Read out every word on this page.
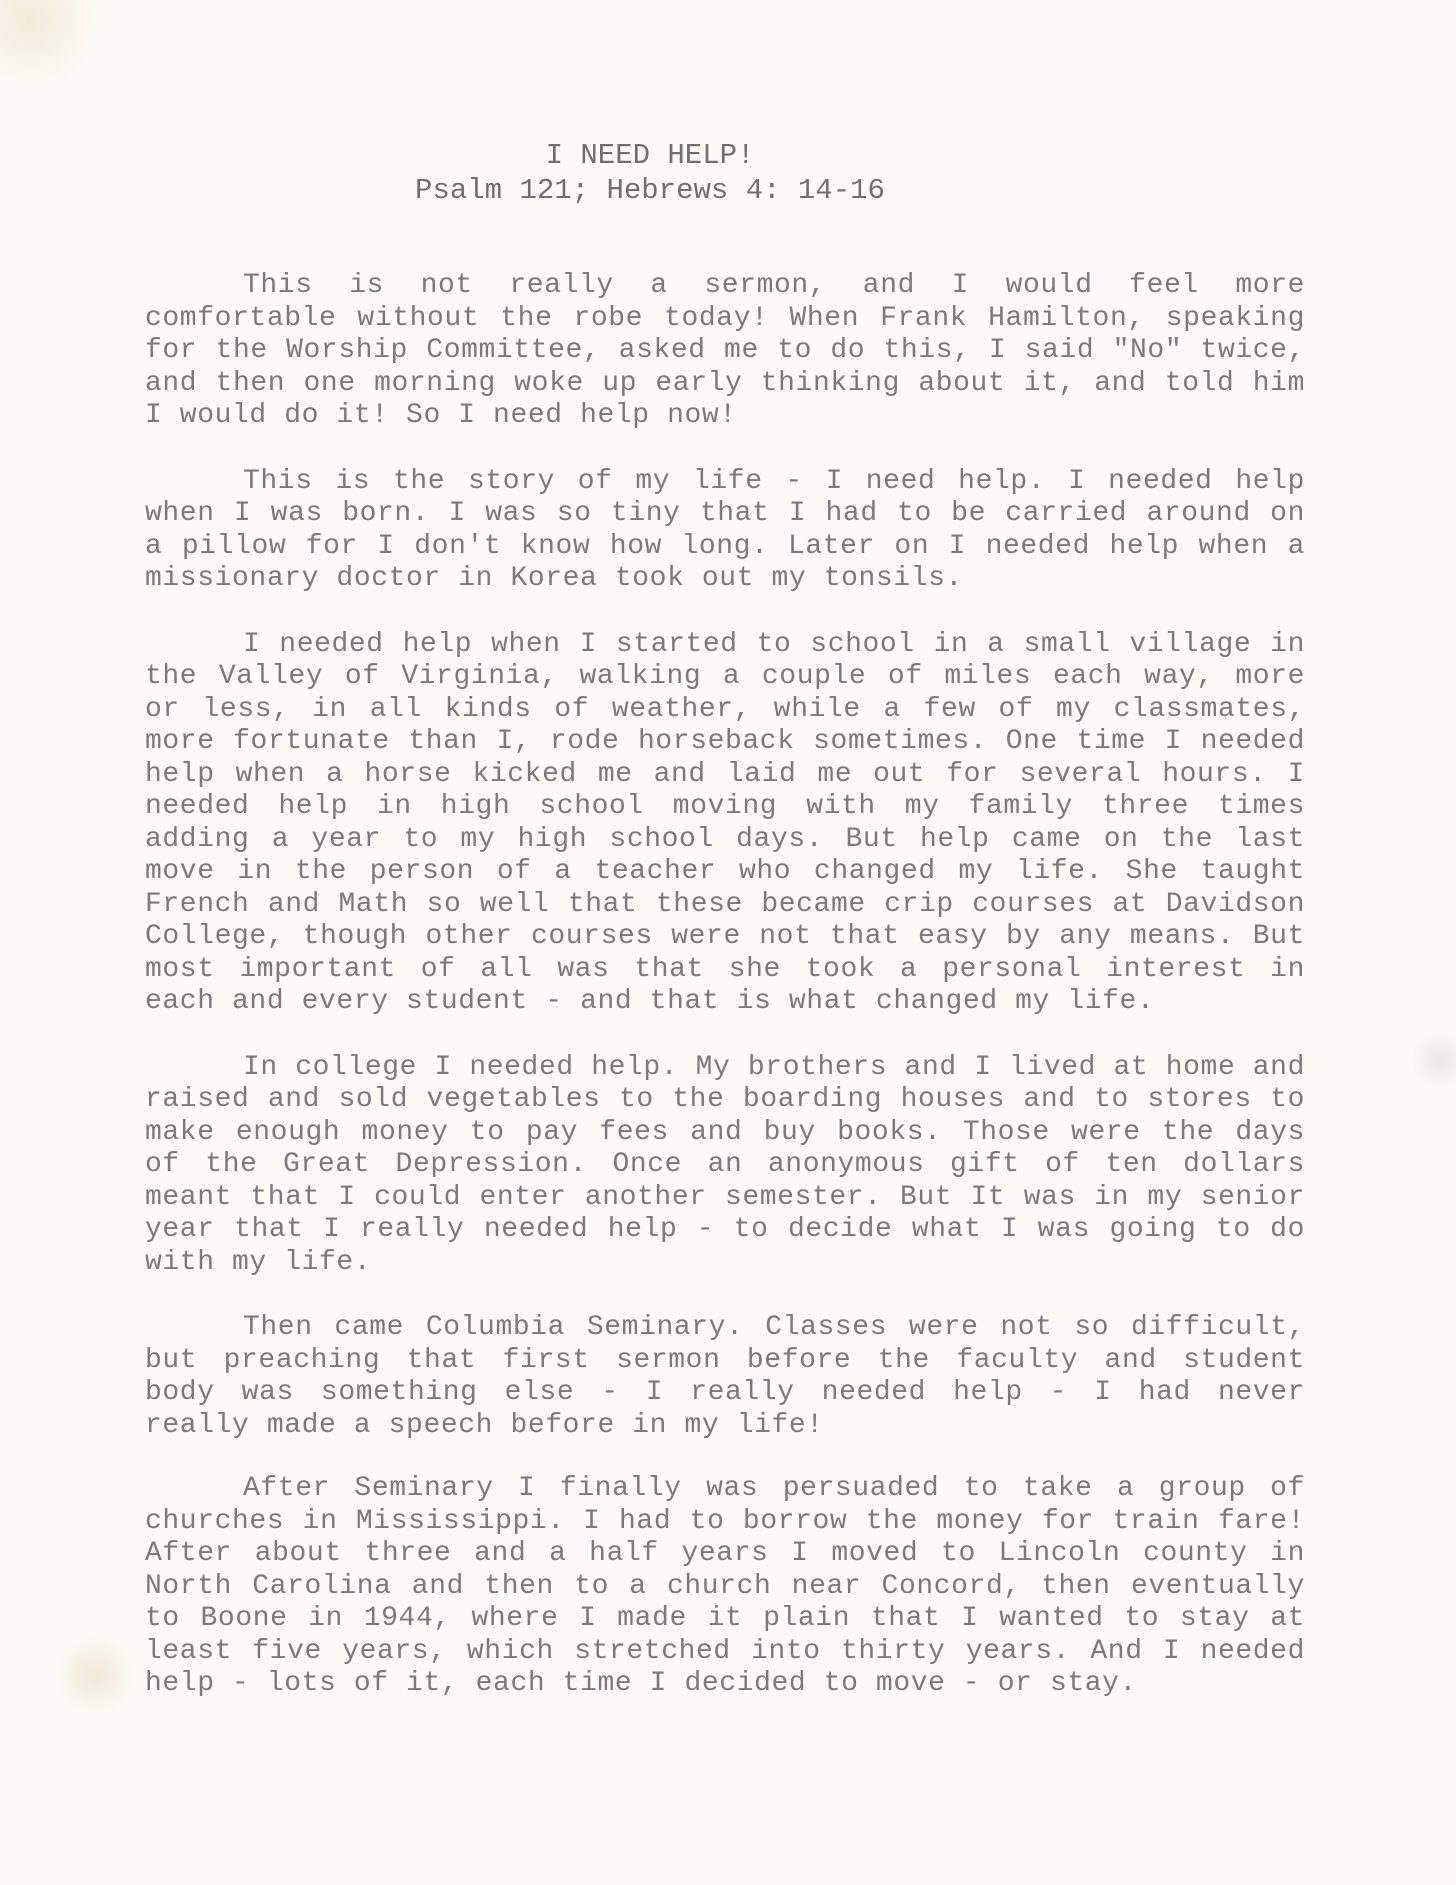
I NEED HELP!
Psalm 121; Hebrews 4: 14-16

This is not really a sermon, and I would feel more comfortable without the robe today! When Frank Hamilton, speaking for the Worship Committee, asked me to do this, I said "No" twice, and then one morning woke up early thinking about it, and told him I would do it! So I need help now!

This is the story of my life - I need help. I needed help when I was born. I was so tiny that I had to be carried around on a pillow for I don't know how long. Later on I needed help when a missionary doctor in Korea took out my tonsils.

I needed help when I started to school in a small village in the Valley of Virginia, walking a couple of miles each way, more or less, in all kinds of weather, while a few of my classmates, more fortunate than I, rode horseback sometimes. One time I needed help when a horse kicked me and laid me out for several hours. I needed help in high school moving with my family three times adding a year to my high school days. But help came on the last move in the person of a teacher who changed my life. She taught French and Math so well that these became crip courses at Davidson College, though other courses were not that easy by any means. But most important of all was that she took a personal interest in each and every student - and that is what changed my life.

In college I needed help. My brothers and I lived at home and raised and sold vegetables to the boarding houses and to stores to make enough money to pay fees and buy books. Those were the days of the Great Depression. Once an anonymous gift of ten dollars meant that I could enter another semester. But It was in my senior year that I really needed help - to decide what I was going to do with my life.

Then came Columbia Seminary. Classes were not so difficult, but preaching that first sermon before the faculty and student body was something else - I really needed help - I had never really made a speech before in my life!

After Seminary I finally was persuaded to take a group of churches in Mississippi. I had to borrow the money for train fare! After about three and a half years I moved to Lincoln county in North Carolina and then to a church near Concord, then eventually to Boone in 1944, where I made it plain that I wanted to stay at least five years, which stretched into thirty years. And I needed help - lots of it, each time I decided to move - or stay.
